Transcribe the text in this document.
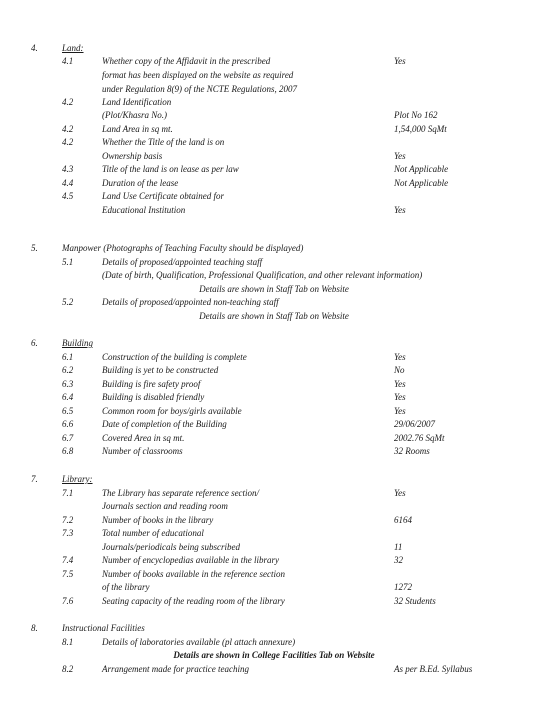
4.	Land:
4.1	Whether copy of the Affidavit in the prescribed	Yes
format has been displayed on the website as required
under Regulation 8(9) of the NCTE Regulations, 2007
4.2	Land Identification
(Plot/Khasra No.)	Plot No 162
4.2	Land Area in sq mt.	1,54,000 SqMt
4.2	Whether the Title of the land is on
Ownership basis	Yes
4.3	Title of the land is on lease as per law	Not Applicable
4.4	Duration of the lease	Not Applicable
4.5	Land Use Certificate obtained for
Educational Institution	Yes
5.	Manpower (Photographs of Teaching Faculty should be displayed)
5.1	Details of proposed/appointed teaching staff
(Date of birth, Qualification, Professional Qualification, and other relevant information)
Details are shown in Staff Tab on Website
5.2	Details of proposed/appointed non-teaching staff
Details are shown in Staff Tab on Website
6.	Building
6.1	Construction of the building is complete	Yes
6.2	Building is yet to be constructed	No
6.3	Building is fire safety proof	Yes
6.4	Building is disabled friendly	Yes
6.5	Common room for boys/girls available	Yes
6.6	Date of completion of the Building	29/06/2007
6.7	Covered Area in sq mt.	2002.76 SqMt
6.8	Number of classrooms	32 Rooms
7.	Library:
7.1	The Library has separate reference section/	Yes
Journals section and reading room
7.2	Number of books in the library	6164
7.3	Total number of educational
Journals/periodicals being subscribed	11
7.4	Number of encyclopedias available in the library	32
7.5	Number of books available in the reference section
of the library	1272
7.6	Seating capacity of the reading room of the library	32 Students
8.	Instructional Facilities
8.1	Details of laboratories available (pl attach annexure)
Details are shown in College Facilities Tab on Website
8.2	Arrangement made for practice teaching	As per B.Ed. Syllabus
